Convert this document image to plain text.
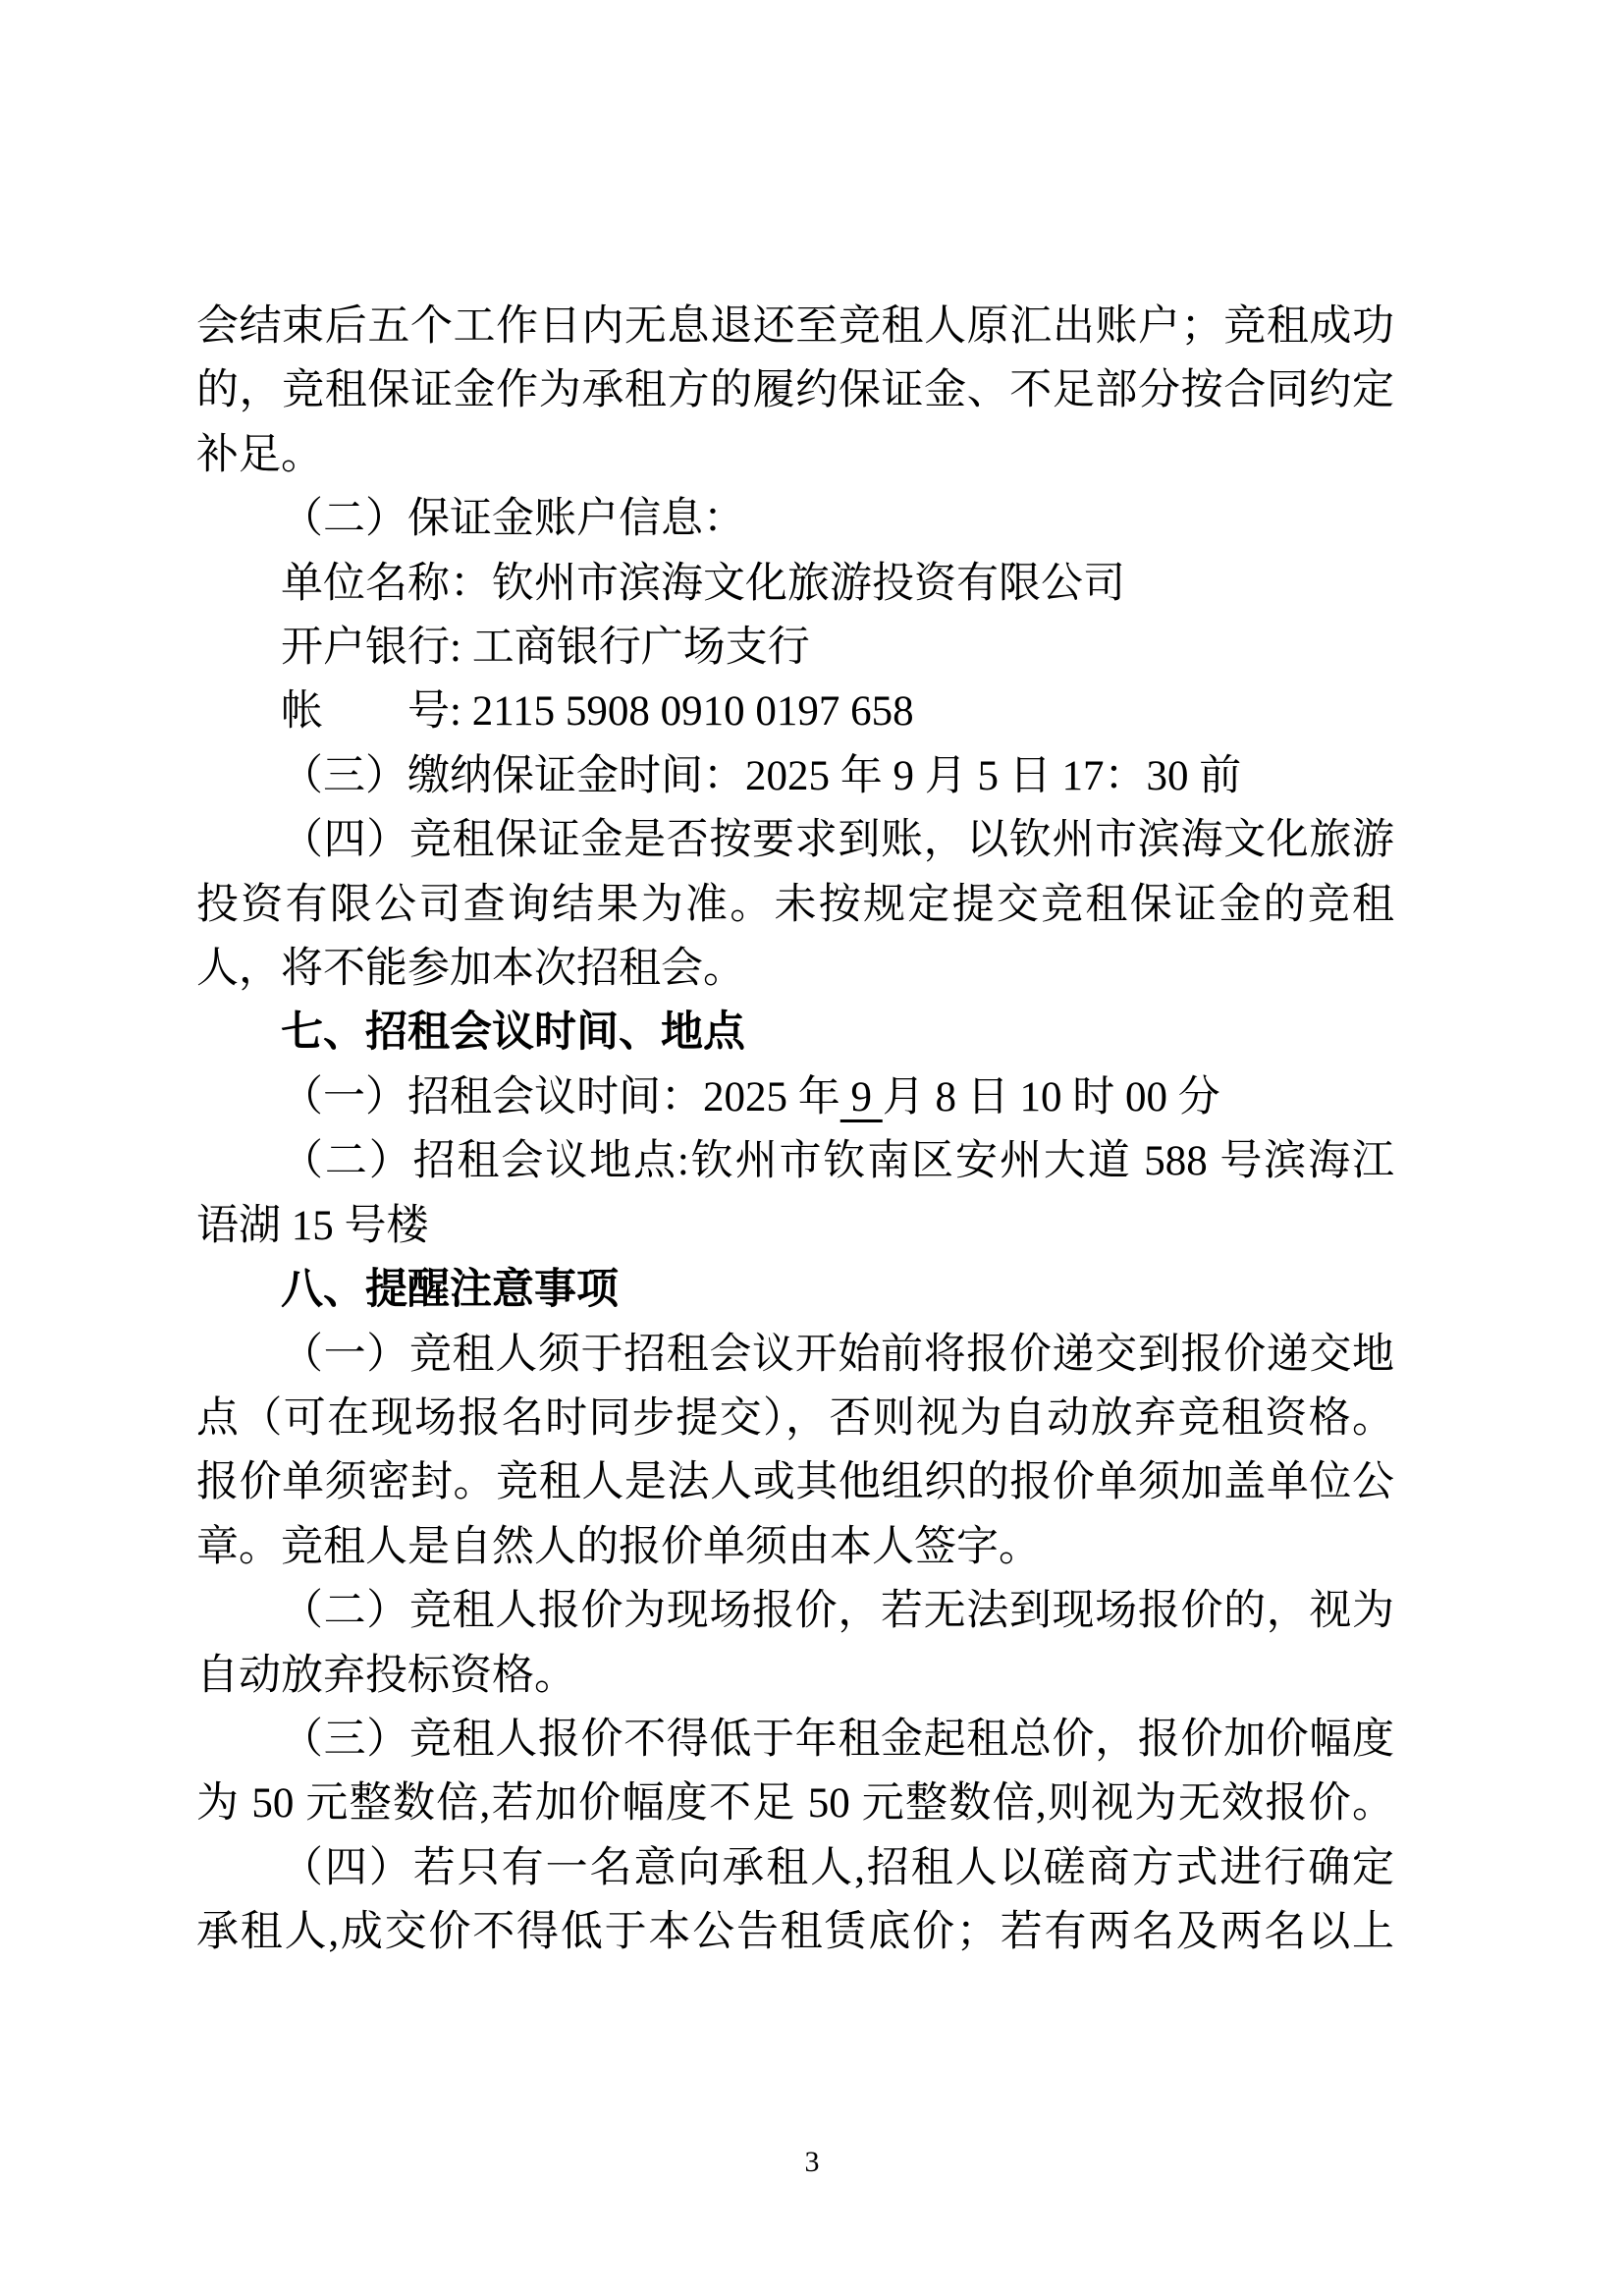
会结束后五个工作日内无息退还至竞租人原汇出账户；竞租成功
的，竞租保证金作为承租方的履约保证金、不足部分按合同约定
补足。
（二）保证金账户信息：
单位名称：钦州市滨海文化旅游投资有限公司
开户银行: 工商银行广场支行
帐　　号: 2115 5908 0910 0197 658
（三）缴纳保证金时间：2025 年 9 月 5 日 17：30 前
（四）竞租保证金是否按要求到账，以钦州市滨海文化旅游
投资有限公司查询结果为准。未按规定提交竞租保证金的竞租
人，将不能参加本次招租会。
七、招租会议时间、地点
（一）招租会议时间：2025 年 9 月 8 日 10 时 00 分
（二）招租会议地点:钦州市钦南区安州大道 588 号滨海江
语湖 15 号楼
八、提醒注意事项
（一）竞租人须于招租会议开始前将报价递交到报价递交地
点（可在现场报名时同步提交），否则视为自动放弃竞租资格。
报价单须密封。竞租人是法人或其他组织的报价单须加盖单位公
章。竞租人是自然人的报价单须由本人签字。
（二）竞租人报价为现场报价，若无法到现场报价的，视为
自动放弃投标资格。
（三）竞租人报价不得低于年租金起租总价，报价加价幅度
为 50 元整数倍,若加价幅度不足 50 元整数倍,则视为无效报价。
（四）若只有一名意向承租人,招租人以磋商方式进行确定
承租人,成交价不得低于本公告租赁底价；若有两名及两名以上
3
